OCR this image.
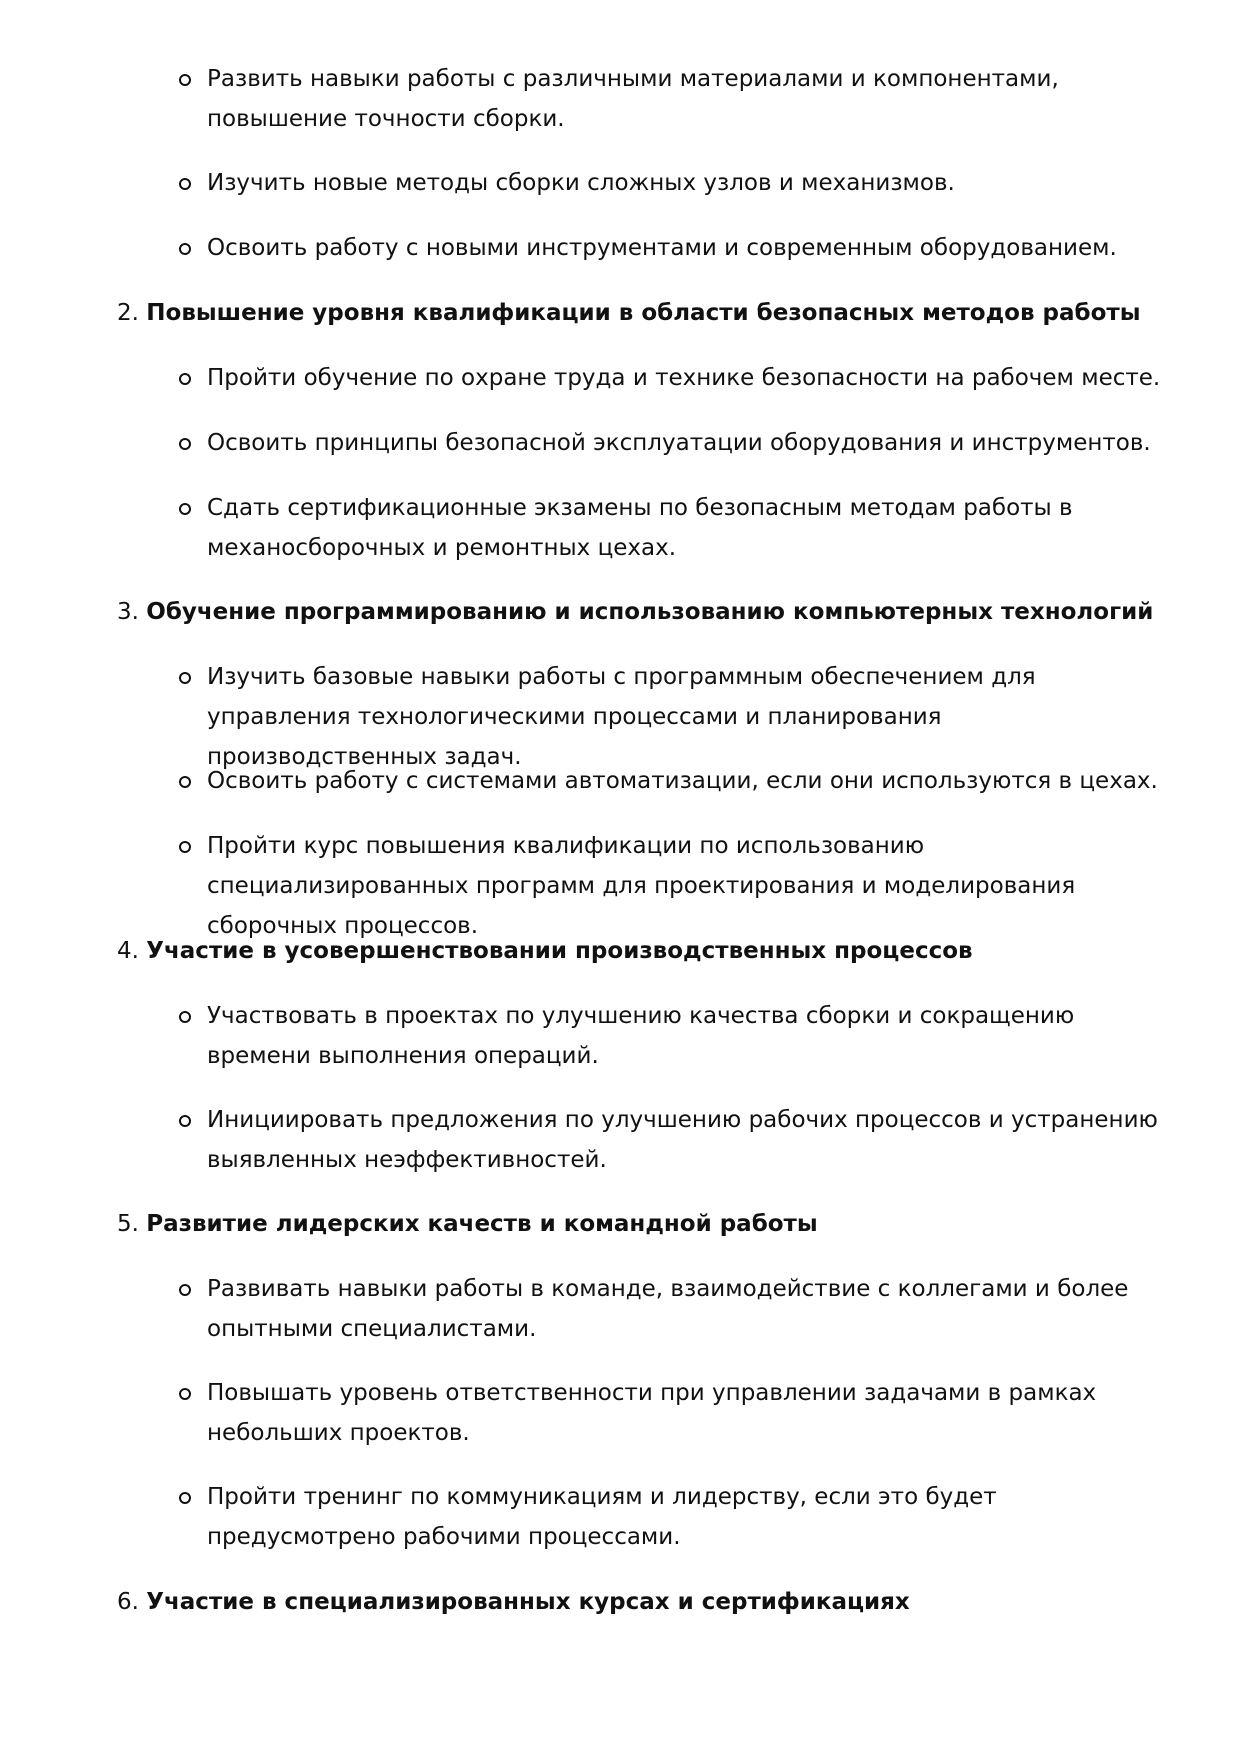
Развить навыки работы с различными материалами и компонентами, повышение точности сборки.
Изучить новые методы сборки сложных узлов и механизмов.
Освоить работу с новыми инструментами и современным оборудованием.
2. Повышение уровня квалификации в области безопасных методов работы
Пройти обучение по охране труда и технике безопасности на рабочем месте.
Освоить принципы безопасной эксплуатации оборудования и инструментов.
Сдать сертификационные экзамены по безопасным методам работы в механосборочных и ремонтных цехах.
3. Обучение программированию и использованию компьютерных технологий
Изучить базовые навыки работы с программным обеспечением для управления технологическими процессами и планирования производственных задач.
Освоить работу с системами автоматизации, если они используются в цехах.
Пройти курс повышения квалификации по использованию специализированных программ для проектирования и моделирования сборочных процессов.
4. Участие в усовершенствовании производственных процессов
Участвовать в проектах по улучшению качества сборки и сокращению времени выполнения операций.
Инициировать предложения по улучшению рабочих процессов и устранению выявленных неэффективностей.
5. Развитие лидерских качеств и командной работы
Развивать навыки работы в команде, взаимодействие с коллегами и более опытными специалистами.
Повышать уровень ответственности при управлении задачами в рамках небольших проектов.
Пройти тренинг по коммуникациям и лидерству, если это будет предусмотрено рабочими процессами.
6. Участие в специализированных курсах и сертификациях
